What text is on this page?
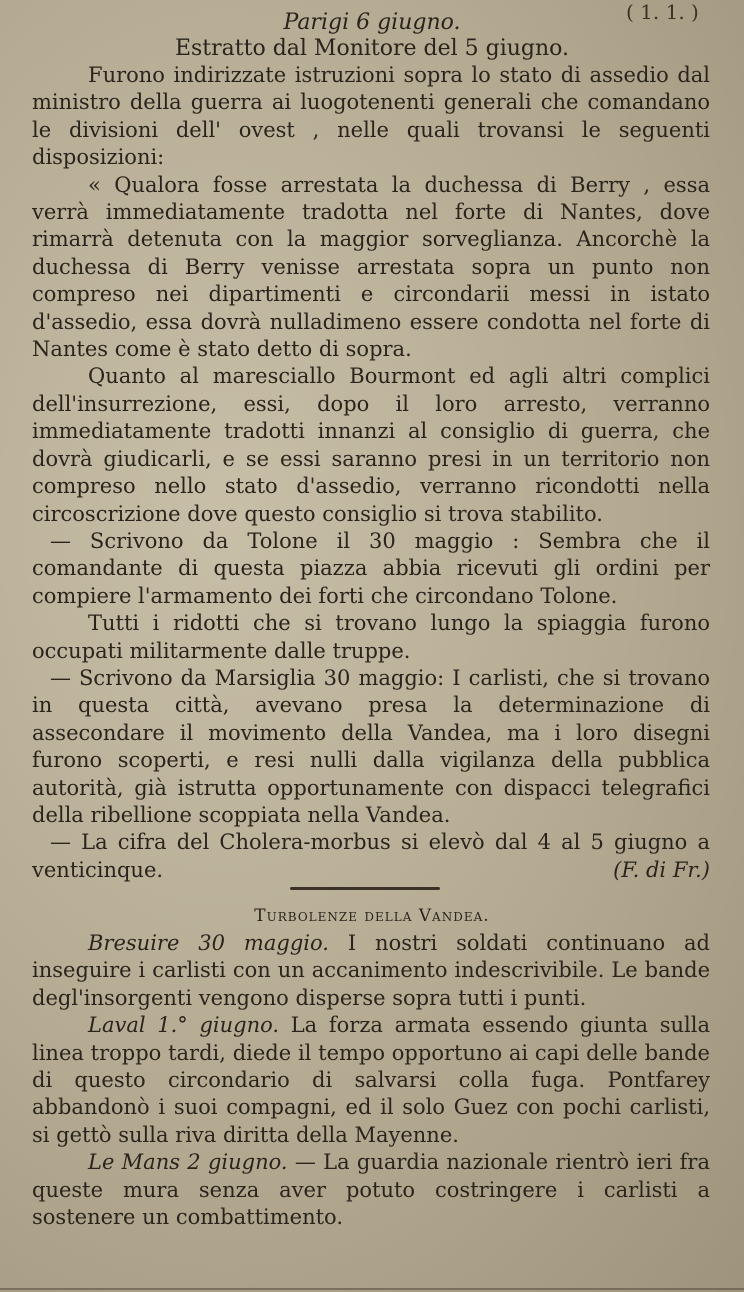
( 1. 1. )
Parigi 6 giugno.
Estratto dal Monitore del 5 giugno.

Furono indirizzate istruzioni sopra lo stato di assedio dal ministro della guerra ai luogotenenti generali che comandano le divisioni dell' ovest , nelle quali trovansi le seguenti disposizioni:

« Qualora fosse arrestata la duchessa di Berry , essa verrà immediatamente tradotta nel forte di Nantes, dove rimarrà detenuta con la maggior sorveglianza. Ancorchè la duchessa di Berry venisse arrestata sopra un punto non compreso nei dipartimenti e circondarii messi in istato d'assedio, essa dovrà nulladimeno essere condotta nel forte di Nantes come è stato detto di sopra.

Quanto al maresciallo Bourmont ed agli altri complici dell'insurrezione, essi, dopo il loro arresto, verranno immediatamente tradotti innanzi al consiglio di guerra, che dovrà giudicarli, e se essi saranno presi in un territorio non compreso nello stato d'assedio, verranno ricondotti nella circoscrizione dove questo consiglio si trova stabilito.

— Scrivono da Tolone il 30 maggio : Sembra che il comandante di questa piazza abbia ricevuti gli ordini per compiere l'armamento dei forti che circondano Tolone.

Tutti i ridotti che si trovano lungo la spiaggia furono occupati militarmente dalle truppe.

— Scrivono da Marsiglia 30 maggio: I carlisti, che si trovano in questa città, avevano presa la determinazione di assecondare il movimento della Vandea, ma i loro disegni furono scoperti, e resi nulli dalla vigilanza della pubblica autorità, già istrutta opportunamente con dispacci telegrafici della ribellione scoppiata nella Vandea.

— La cifra del Cholera-morbus si elevò dal 4 al 5 giugno a venticinque.	(F. di Fr.)

Turbolenze della Vandea.

Bresuire 30 maggio. I nostri soldati continuano ad inseguire i carlisti con un accanimento indescrivibile. Le bande degl'insorgenti vengono disperse sopra tutti i punti.

Laval 1.° giugno. La forza armata essendo giunta sulla linea troppo tardi, diede il tempo opportuno ai capi delle bande di questo circondario di salvarsi colla fuga. Pontfarey abbandonò i suoi compagni, ed il solo Guez con pochi carlisti, si gettò sulla riva diritta della Mayenne.

Le Mans 2 giugno. — La guardia nazionale rientrò ieri fra queste mura senza aver potuto costringere i carlisti a sostenere un combattimento.
